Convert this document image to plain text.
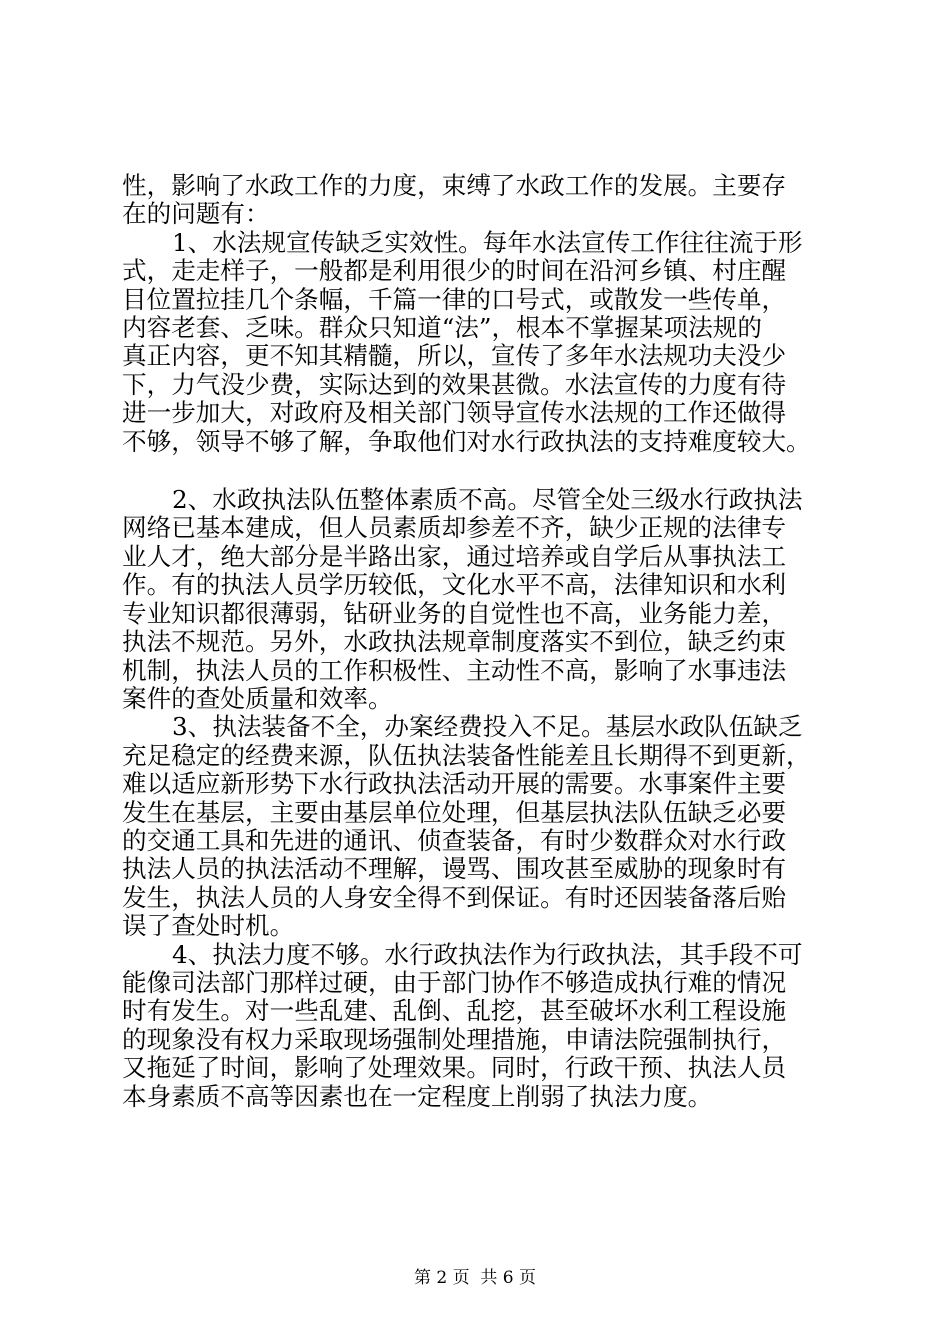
性，影响了水政工作的力度，束缚了水政工作的发展。主要存
在的问题有：
1、水法规宣传缺乏实效性。每年水法宣传工作往往流于形
式，走走样子，一般都是利用很少的时间在沿河乡镇、村庄醒
目位置拉挂几个条幅，千篇一律的口号式，或散发一些传单，
内容老套、乏味。群众只知道“法”，根本不掌握某项法规的
真正内容，更不知其精髓，所以，宣传了多年水法规功夫没少
下，力气没少费，实际达到的效果甚微。水法宣传的力度有待
进一步加大，对政府及相关部门领导宣传水法规的工作还做得
不够，领导不够了解，争取他们对水行政执法的支持难度较大。
2、水政执法队伍整体素质不高。尽管全处三级水行政执法
网络已基本建成，但人员素质却参差不齐，缺少正规的法律专
业人才，绝大部分是半路出家，通过培养或自学后从事执法工
作。有的执法人员学历较低，文化水平不高，法律知识和水利
专业知识都很薄弱，钻研业务的自觉性也不高，业务能力差，
执法不规范。另外，水政执法规章制度落实不到位，缺乏约束
机制，执法人员的工作积极性、主动性不高，影响了水事违法
案件的查处质量和效率。
3、执法装备不全，办案经费投入不足。基层水政队伍缺乏
充足稳定的经费来源，队伍执法装备性能差且长期得不到更新，
难以适应新形势下水行政执法活动开展的需要。水事案件主要
发生在基层，主要由基层单位处理，但基层执法队伍缺乏必要
的交通工具和先进的通讯、侦查装备，有时少数群众对水行政
执法人员的执法活动不理解，谩骂、围攻甚至威胁的现象时有
发生，执法人员的人身安全得不到保证。有时还因装备落后贻
误了查处时机。
4、执法力度不够。水行政执法作为行政执法，其手段不可
能像司法部门那样过硬，由于部门协作不够造成执行难的情况
时有发生。对一些乱建、乱倒、乱挖，甚至破坏水利工程设施
的现象没有权力采取现场强制处理措施，申请法院强制执行，
又拖延了时间，影响了处理效果。同时，行政干预、执法人员
本身素质不高等因素也在一定程度上削弱了执法力度。
第 2 页  共 6 页
